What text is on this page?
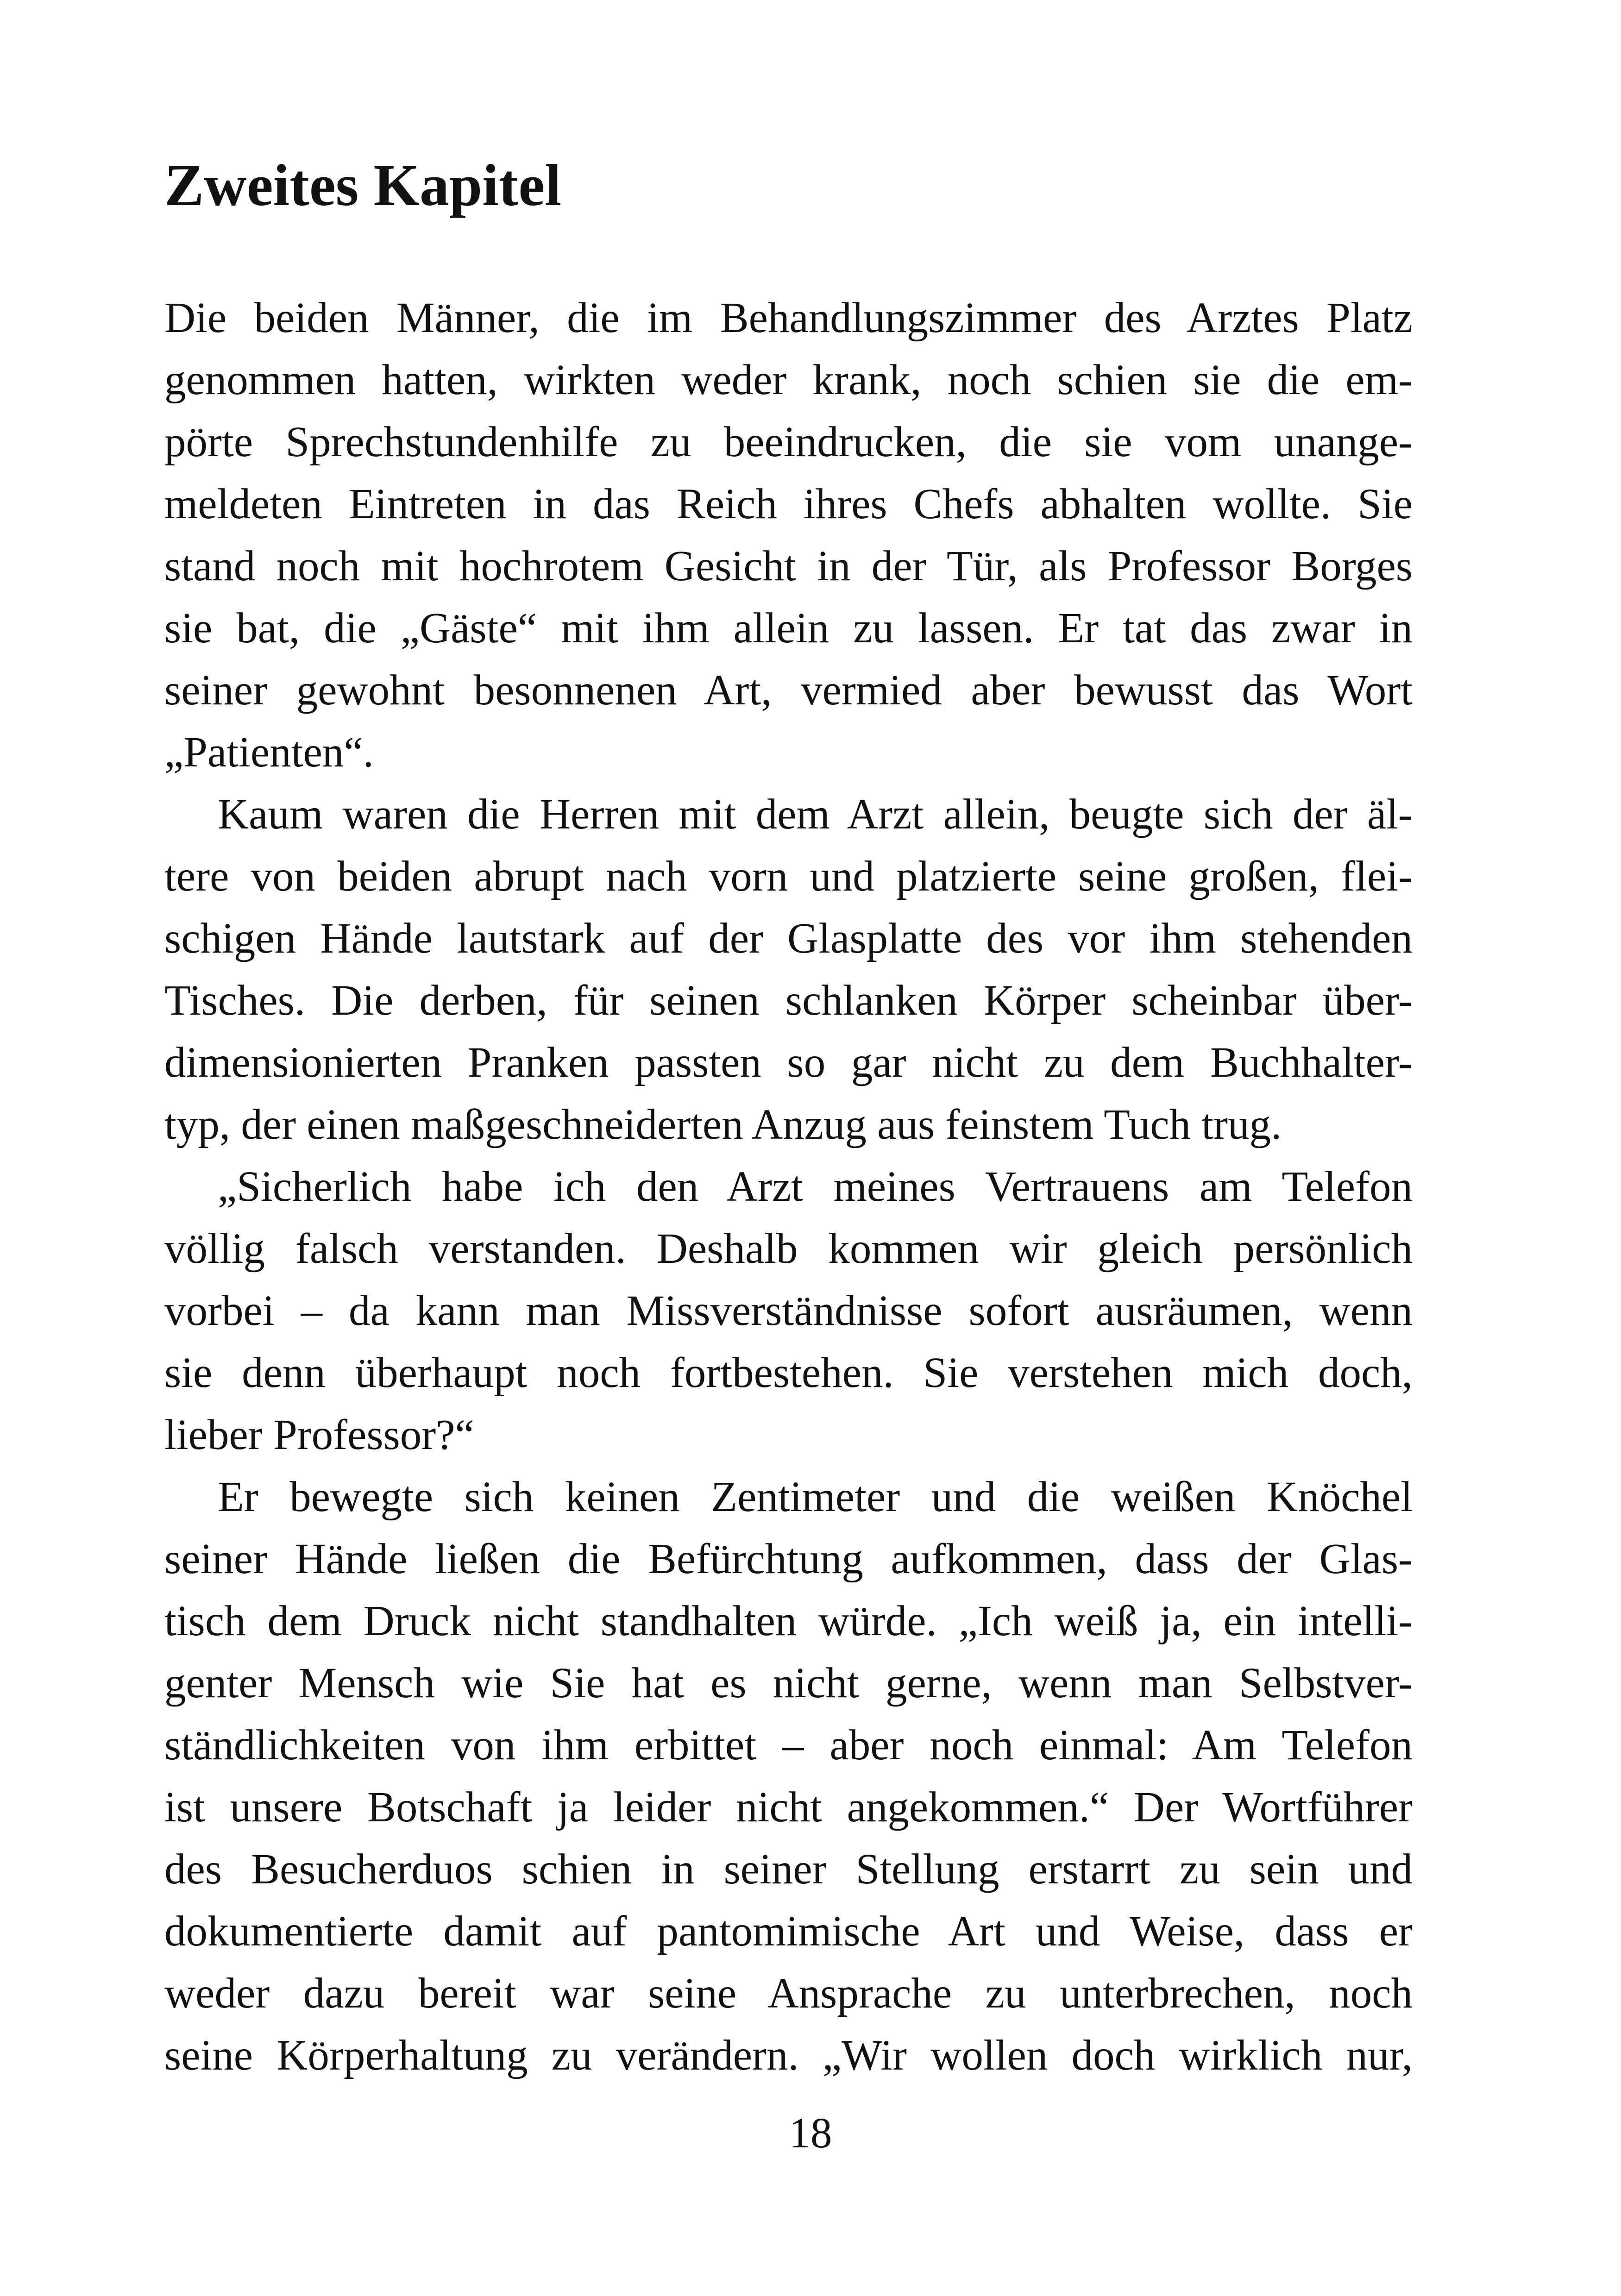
Zweites Kapitel
Die beiden Männer, die im Behandlungszimmer des Arztes Platz
genommen hatten, wirkten weder krank, noch schien sie die em-
pörte Sprechstundenhilfe zu beeindrucken, die sie vom unange-
meldeten Eintreten in das Reich ihres Chefs abhalten wollte. Sie
stand noch mit hochrotem Gesicht in der Tür, als Professor Borges
sie bat, die „Gäste“ mit ihm allein zu lassen. Er tat das zwar in
seiner gewohnt besonnenen Art, vermied aber bewusst das Wort
„Patienten“.
Kaum waren die Herren mit dem Arzt allein, beugte sich der äl-
tere von beiden abrupt nach vorn und platzierte seine großen, flei-
schigen Hände lautstark auf der Glasplatte des vor ihm stehenden
Tisches. Die derben, für seinen schlanken Körper scheinbar über-
dimensionierten Pranken passten so gar nicht zu dem Buchhalter-
typ, der einen maßgeschneiderten Anzug aus feinstem Tuch trug.
„Sicherlich habe ich den Arzt meines Vertrauens am Telefon
völlig falsch verstanden. Deshalb kommen wir gleich persönlich
vorbei – da kann man Missverständnisse sofort ausräumen, wenn
sie denn überhaupt noch fortbestehen. Sie verstehen mich doch,
lieber Professor?“
Er bewegte sich keinen Zentimeter und die weißen Knöchel
seiner Hände ließen die Befürchtung aufkommen, dass der Glas-
tisch dem Druck nicht standhalten würde. „Ich weiß ja, ein intelli-
genter Mensch wie Sie hat es nicht gerne, wenn man Selbstver-
ständlichkeiten von ihm erbittet – aber noch einmal: Am Telefon
ist unsere Botschaft ja leider nicht angekommen.“ Der Wortführer
des Besucherduos schien in seiner Stellung erstarrt zu sein und
dokumentierte damit auf pantomimische Art und Weise, dass er
weder dazu bereit war seine Ansprache zu unterbrechen, noch
seine Körperhaltung zu verändern. „Wir wollen doch wirklich nur,
18
